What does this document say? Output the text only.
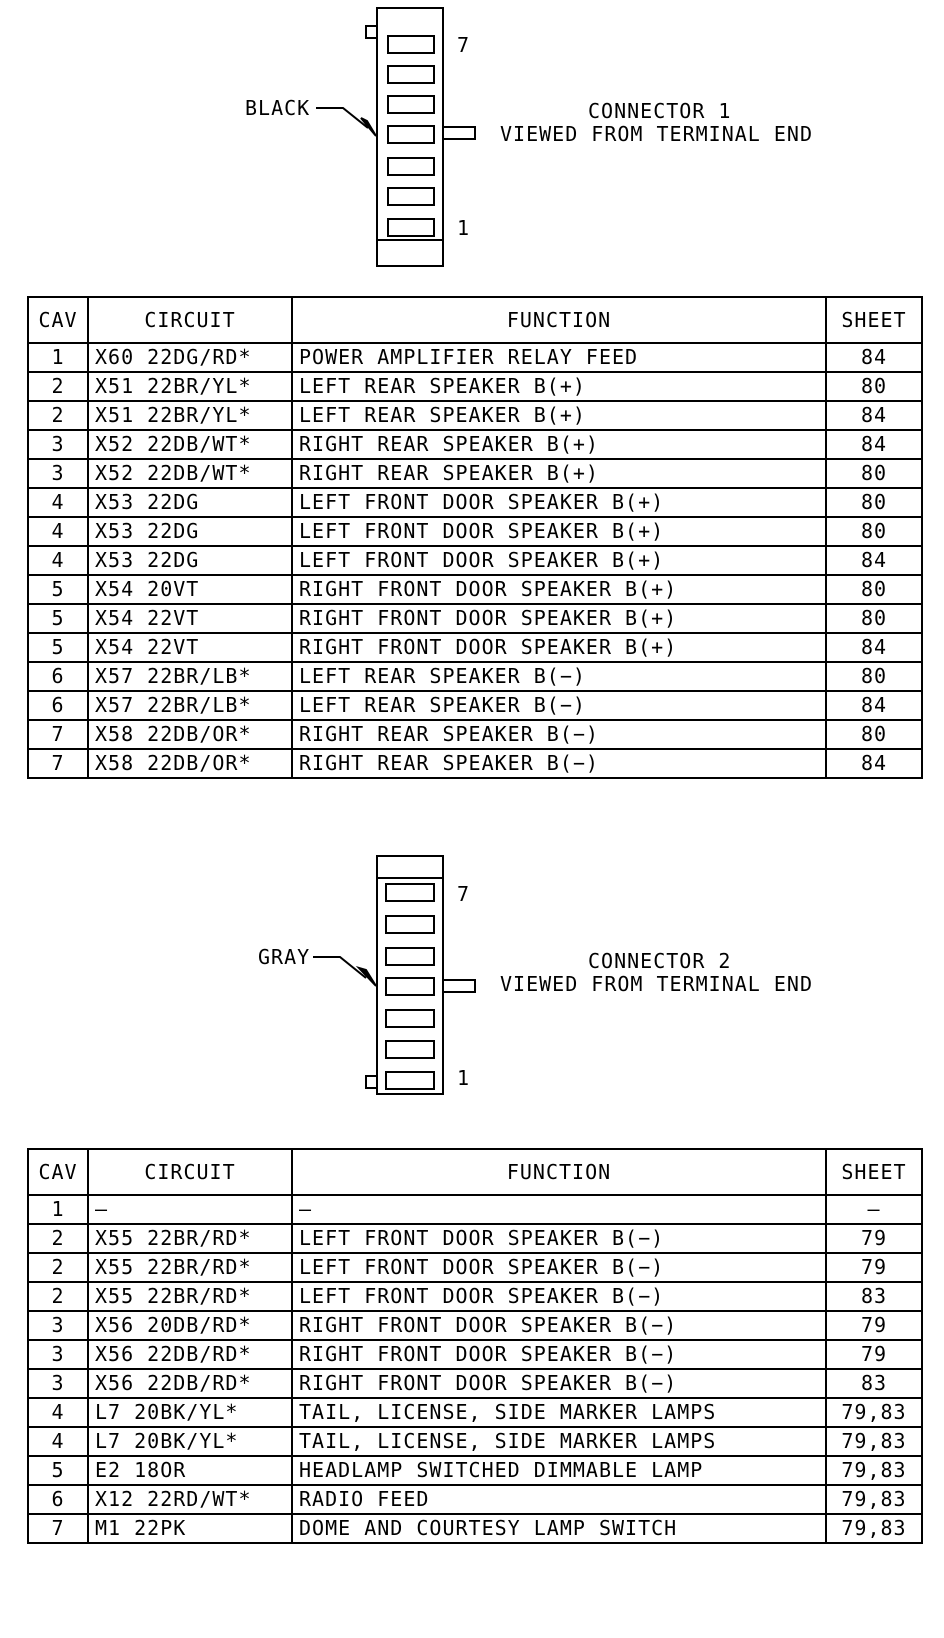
BLACK
7
1
CONNECTOR 1
VIEWED FROM TERMINAL END
CAV	CIRCUIT	FUNCTION	SHEET
1	X60 22DG/RD*	POWER AMPLIFIER RELAY FEED	84
2	X51 22BR/YL*	LEFT REAR SPEAKER B(+)	80
2	X51 22BR/YL*	LEFT REAR SPEAKER B(+)	84
3	X52 22DB/WT*	RIGHT REAR SPEAKER B(+)	84
3	X52 22DB/WT*	RIGHT REAR SPEAKER B(+)	80
4	X53 22DG	LEFT FRONT DOOR SPEAKER B(+)	80
4	X53 22DG	LEFT FRONT DOOR SPEAKER B(+)	80
4	X53 22DG	LEFT FRONT DOOR SPEAKER B(+)	84
5	X54 20VT	RIGHT FRONT DOOR SPEAKER B(+)	80
5	X54 22VT	RIGHT FRONT DOOR SPEAKER B(+)	80
5	X54 22VT	RIGHT FRONT DOOR SPEAKER B(+)	84
6	X57 22BR/LB*	LEFT REAR SPEAKER B(−)	80
6	X57 22BR/LB*	LEFT REAR SPEAKER B(−)	84
7	X58 22DB/OR*	RIGHT REAR SPEAKER B(−)	80
7	X58 22DB/OR*	RIGHT REAR SPEAKER B(−)	84
GRAY
7
1
CONNECTOR 2
VIEWED FROM TERMINAL END
CAV	CIRCUIT	FUNCTION	SHEET
1	—	—	—
2	X55 22BR/RD*	LEFT FRONT DOOR SPEAKER B(−)	79
2	X55 22BR/RD*	LEFT FRONT DOOR SPEAKER B(−)	79
2	X55 22BR/RD*	LEFT FRONT DOOR SPEAKER B(−)	83
3	X56 20DB/RD*	RIGHT FRONT DOOR SPEAKER B(−)	79
3	X56 22DB/RD*	RIGHT FRONT DOOR SPEAKER B(−)	79
3	X56 22DB/RD*	RIGHT FRONT DOOR SPEAKER B(−)	83
4	L7 20BK/YL*	TAIL, LICENSE, SIDE MARKER LAMPS	79,83
4	L7 20BK/YL*	TAIL, LICENSE, SIDE MARKER LAMPS	79,83
5	E2 18OR	HEADLAMP SWITCHED DIMMABLE LAMP	79,83
6	X12 22RD/WT*	RADIO FEED	79,83
7	M1 22PK	DOME AND COURTESY LAMP SWITCH	79,83
